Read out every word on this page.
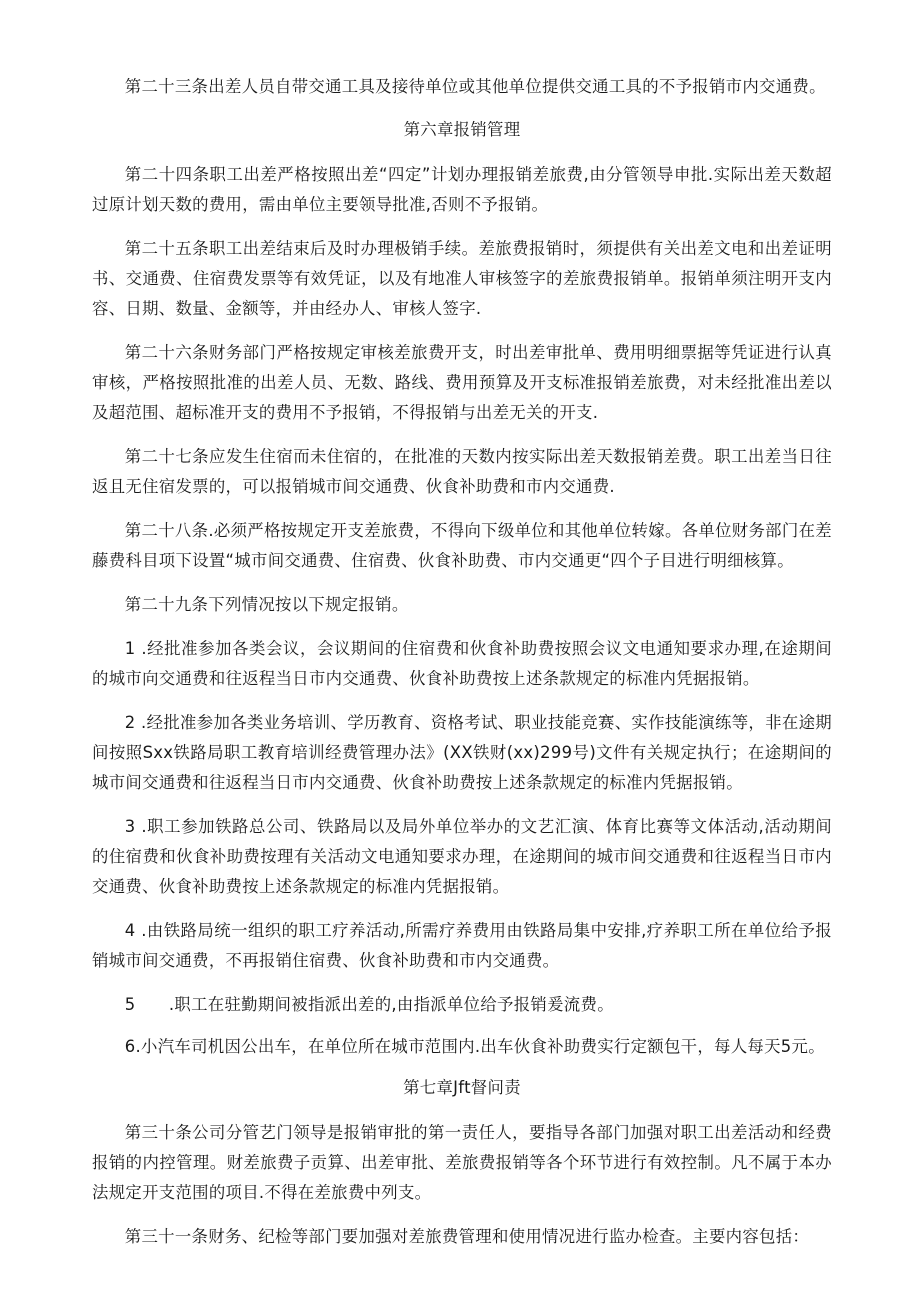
第二十三条出差人员自带交通工具及接待单位或其他单位提供交通工具的不予报销市内交通费。

第六章报销管理

第二十四条职工出差严格按照出差“四定”计划办理报销差旅费,由分管领导申批.实际出差天数超过原计划天数的费用，需由单位主要领导批准,否则不予报销。

第二十五条职工出差结束后及时办理极销手续。差旅费报销时，须提供有关出差文电和出差证明书、交通费、住宿费发票等有效凭证，以及有地准人审核签字的差旅费报销单。报销单须注明开支内容、日期、数量、金额等，并由经办人、审核人签字.

第二十六条财务部门严格按规定审核差旅费开支，时出差审批单、费用明细票据等凭证进行认真审核，严格按照批准的出差人员、无数、路线、费用预算及开支标准报销差旅费，对未经批准出差以及超范围、超标准开支的费用不予报销，不得报销与出差无关的开支.

第二十七条应发生住宿而未住宿的，在批准的天数内按实际出差天数报销差费。职工出差当日往返且无住宿发票的，可以报销城市间交通费、伙食补助费和市内交通费.

第二十八条.必须严格按规定开支差旅费，不得向下级单位和其他单位转嫁。各单位财务部门在差藤费科目项下设置“城市间交通费、住宿费、伙食补助费、市内交通更“四个子目进行明细核算。

第二十九条下列情况按以下规定报销。

1 .经批准参加各类会议，会议期间的住宿费和伙食补助费按照会议文电通知要求办理,在途期间的城市向交通费和往返程当日市内交通费、伙食补助费按上述条款规定的标准内凭据报销。

2 .经批准参加各类业务培训、学历教育、资格考试、职业技能竞赛、实作技能演练等，非在途期间按照Sxx铁路局职工教育培训经费管理办法》(XX铁财(xx)299号)文件有关规定执行；在途期间的城市间交通费和往返程当日市内交通费、伙食补助费按上述条款规定的标准内凭据报销。

3 .职工参加铁路总公司、铁路局以及局外单位举办的文艺汇演、体育比赛等文体活动,活动期间的住宿费和伙食补助费按理有关活动文电通知要求办理，在途期间的城市间交通费和往返程当日市内交通费、伙食补助费按上述条款规定的标准内凭据报销。

4 .由铁路局统一组织的职工疗养活动,所需疗养费用由铁路局集中安排,疗养职工所在单位给予报销城市间交通费，不再报销住宿费、伙食补助费和市内交通费。

5　　.职工在驻勤期间被指派出差的,由指派单位给予报销爰流费。

6.小汽车司机因公出车，在单位所在城市范围内.出车伙食补助费实行定额包干，每人每天5元。

第七章Jft督问责

第三十条公司分管艺门领导是报销审批的第一责任人，要指导各部门加强对职工出差活动和经费报销的内控管理。财差旅费子贡算、出差审批、差旅费报销等各个环节进行有效控制。凡不属于本办法规定开支范围的项目.不得在差旅费中列支。

第三十一条财务、纪检等部门要加强对差旅费管理和使用情况进行监办检查。主要内容包括：
